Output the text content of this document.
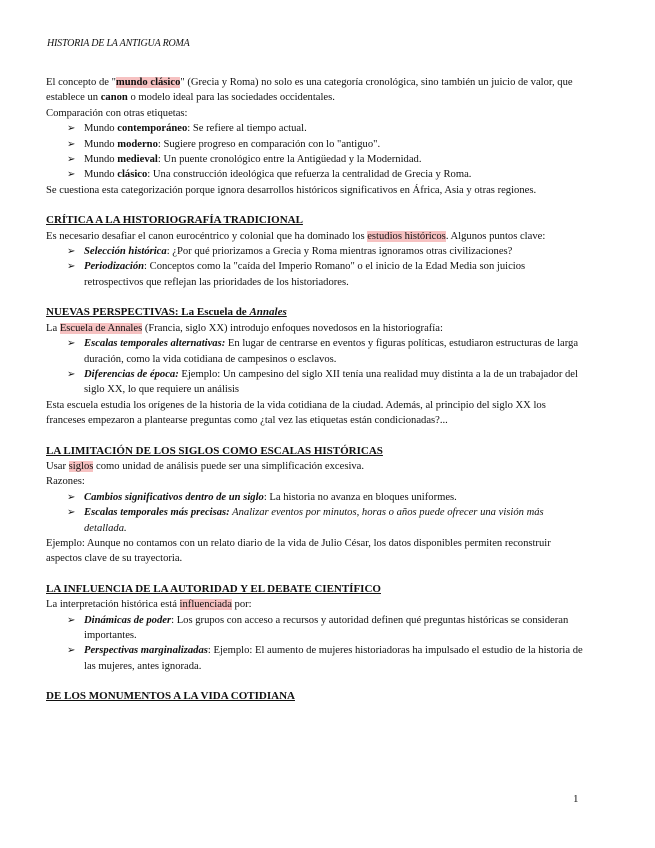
HISTORIA DE LA ANTIGUA ROMA

El concepto de "mundo clásico" (Grecia y Roma) no solo es una categoría cronológica, sino también un juicio de valor, que establece un canon o modelo ideal para las sociedades occidentales.

Comparación con otras etiquetas:

➢ Mundo contemporáneo: Se refiere al tiempo actual.
➢ Mundo moderno: Sugiere progreso en comparación con lo "antiguo".
➢ Mundo medieval: Un puente cronológico entre la Antigüedad y la Modernidad.
➢ Mundo clásico: Una construcción ideológica que refuerza la centralidad de Grecia y Roma.

Se cuestiona esta categorización porque ignora desarrollos históricos significativos en África, Asia y otras regiones.

CRÍTICA A LA HISTORIOGRAFÍA TRADICIONAL

Es necesario desafiar el canon eurocéntrico y colonial que ha dominado los estudios históricos. Algunos puntos clave:

➢ Selección histórica: ¿Por qué priorizamos a Grecia y Roma mientras ignoramos otras civilizaciones?
➢ Periodización: Conceptos como la "caída del Imperio Romano" o el inicio de la Edad Media son juicios retrospectivos que reflejan las prioridades de los historiadores.
NUEVAS PERSPECTIVAS: La Escuela de Annales

La Escuela de Annales (Francia, siglo XX) introdujo enfoques novedosos en la historiografía:

➢ Escalas temporales alternativas: En lugar de centrarse en eventos y figuras políticas, estudiaron estructuras de larga duración, como la vida cotidiana de campesinos o esclavos.
➢ Diferencias de época: Ejemplo: Un campesino del siglo XII tenía una realidad muy distinta a la de un trabajador del siglo XX, lo que requiere un análisis

Esta escuela estudia los orígenes de la historia de la vida cotidiana de la ciudad. Además, al principio del siglo XX los franceses empezaron a plantearse preguntas como ¿tal vez las etiquetas están condicionadas?...

LA LIMITACIÓN DE LOS SIGLOS COMO ESCALAS HISTÓRICAS

Usar siglos como unidad de análisis puede ser una simplificación excesiva.

Razones:

➢ Cambios significativos dentro de un siglo: La historia no avanza en bloques uniformes.
➢ Escalas temporales más precisas: Analizar eventos por minutos, horas o años puede ofrecer una visión más detallada.

Ejemplo: Aunque no contamos con un relato diario de la vida de Julio César, los datos disponibles permiten reconstruir aspectos clave de su trayectoria.

LA INFLUENCIA DE LA AUTORIDAD Y EL DEBATE CIENTÍFICO

La interpretación histórica está influenciada por:

➢ Dinámicas de poder: Los grupos con acceso a recursos y autoridad definen qué preguntas históricas se consideran importantes.
➢ Perspectivas marginalizadas: Ejemplo: El aumento de mujeres historiadoras ha impulsado el estudio de la historia de las mujeres, antes ignorada.
DE LOS MONUMENTOS A LA VIDA COTIDIANA
1
